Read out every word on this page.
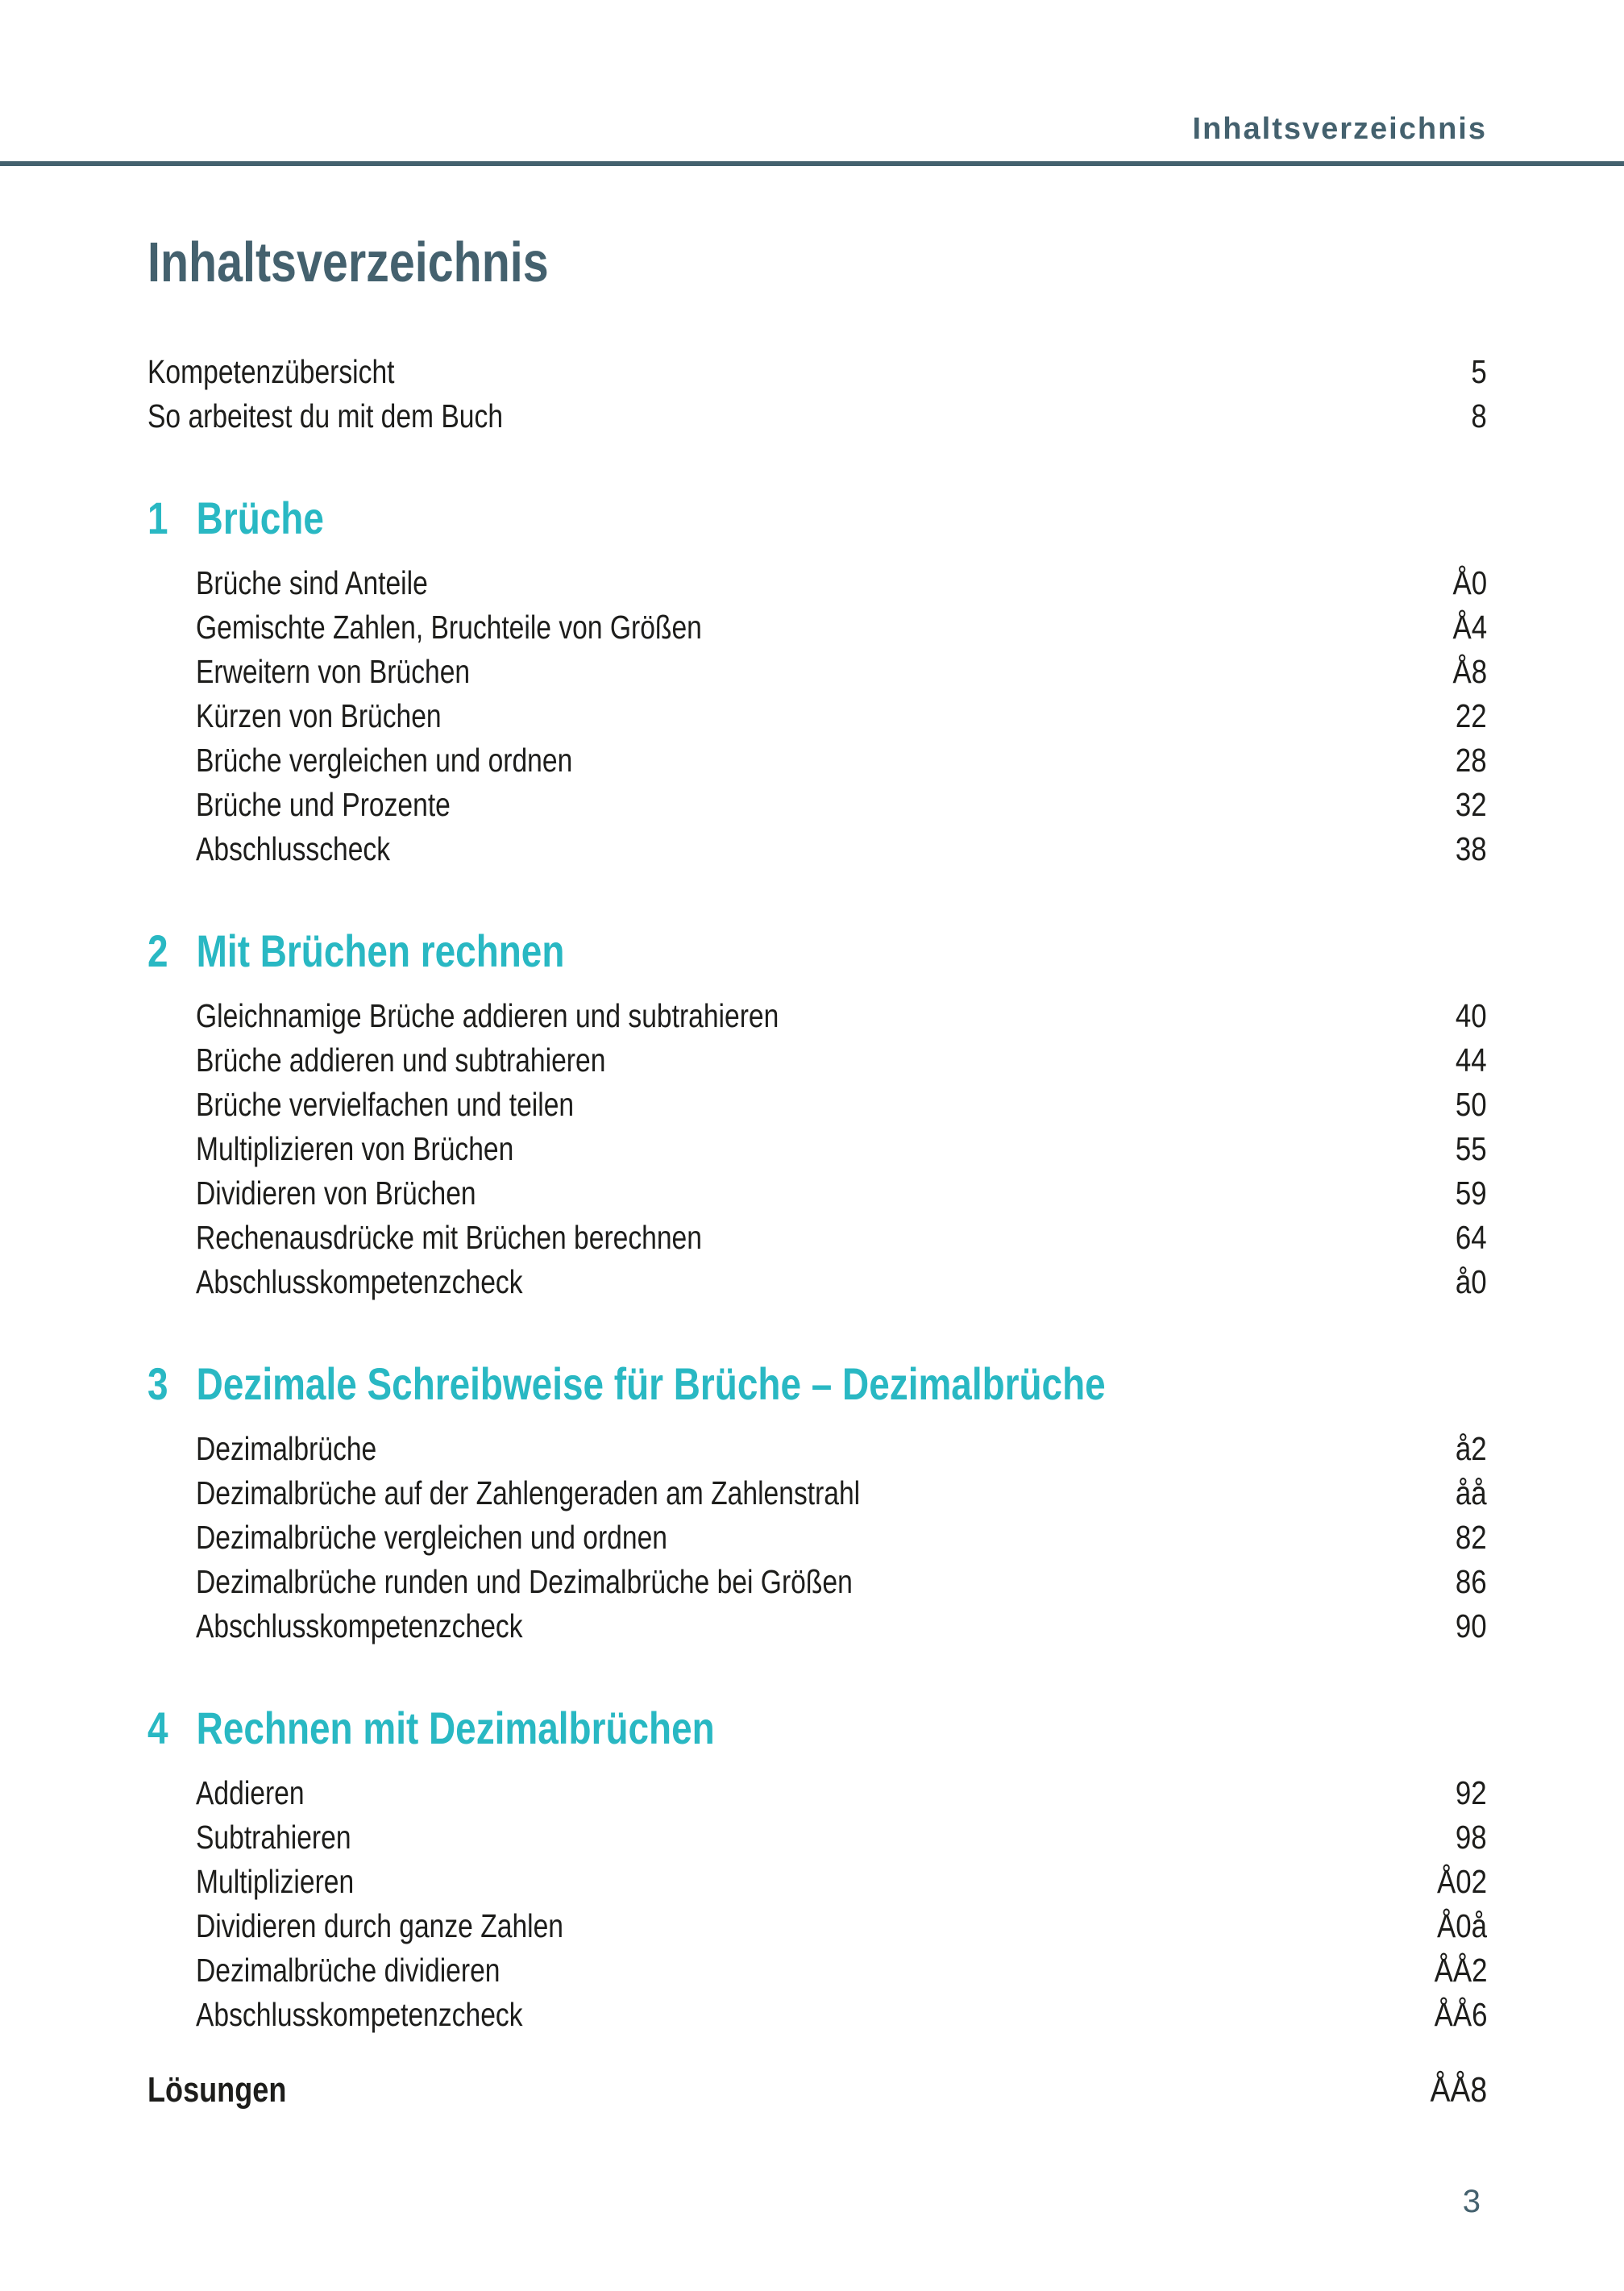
Inhaltsverzeichnis
Inhaltsverzeichnis
Kompetenzübersicht	5
So arbeitest du mit dem Buch	8
1 Brüche
Brüche sind Anteile	Å0
Gemischte Zahlen, Bruchteile von Größen	Å4
Erweitern von Brüchen	Å8
Kürzen von Brüchen	22
Brüche vergleichen und ordnen	28
Brüche und Prozente	32
Abschlusscheck	38
2 Mit Brüchen rechnen
Gleichnamige Brüche addieren und subtrahieren	40
Brüche addieren und subtrahieren	44
Brüche vervielfachen und teilen	50
Multiplizieren von Brüchen	55
Dividieren von Brüchen	59
Rechenausdrücke mit Brüchen berechnen	64
Abschlusskompetenzcheck	å0
3 Dezimale Schreibweise für Brüche – Dezimalbrüche
Dezimalbrüche	å2
Dezimalbrüche auf der Zahlengeraden am Zahlenstrahl	åå
Dezimalbrüche vergleichen und ordnen	82
Dezimalbrüche runden und Dezimalbrüche bei Größen	86
Abschlusskompetenzcheck	90
4 Rechnen mit Dezimalbrüchen
Addieren	92
Subtrahieren	98
Multiplizieren	Å02
Dividieren durch ganze Zahlen	Å0å
Dezimalbrüche dividieren	ÅÅ2
Abschlusskompetenzcheck	ÅÅ6
Lösungen	ÅÅ8
3
